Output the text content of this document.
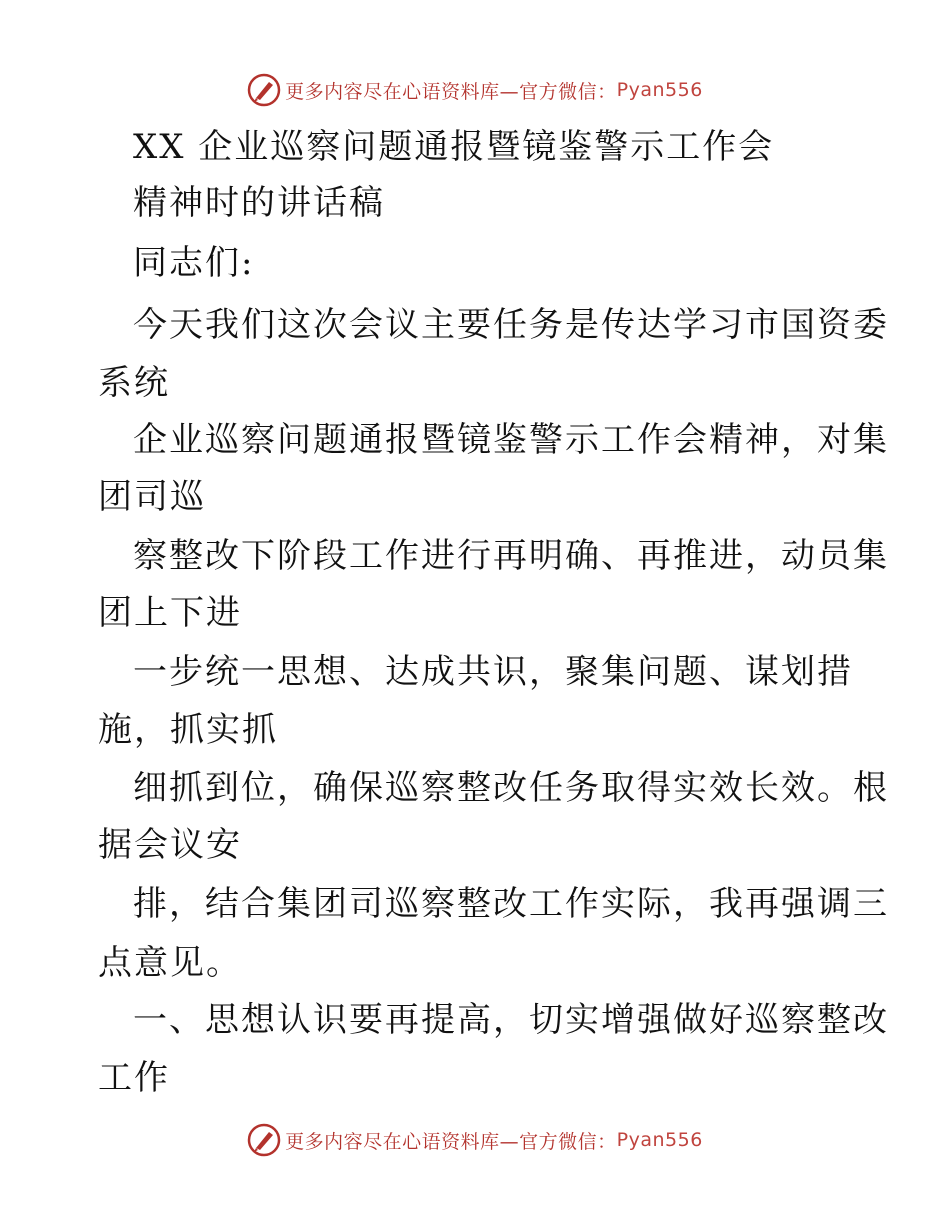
更多内容尽在心语资料库—官方微信： Pyan556
XX 企业巡察问题通报暨镜鉴警示工作会
精神时的讲话稿
同志们:
今天我们这次会议主要任务是传达学习市国资委
系统
企业巡察问题通报暨镜鉴警示工作会精神，对集
团司巡
察整改下阶段工作进行再明确、再推进，动员集
团上下进
一步统一思想、达成共识，聚集问题、谋划措
施，抓实抓
细抓到位，确保巡察整改任务取得实效长效。根
据会议安
排，结合集团司巡察整改工作实际，我再强调三
点意见。
一、思想认识要再提高，切实增强做好巡察整改
工作
更多内容尽在心语资料库—官方微信： Pyan556
